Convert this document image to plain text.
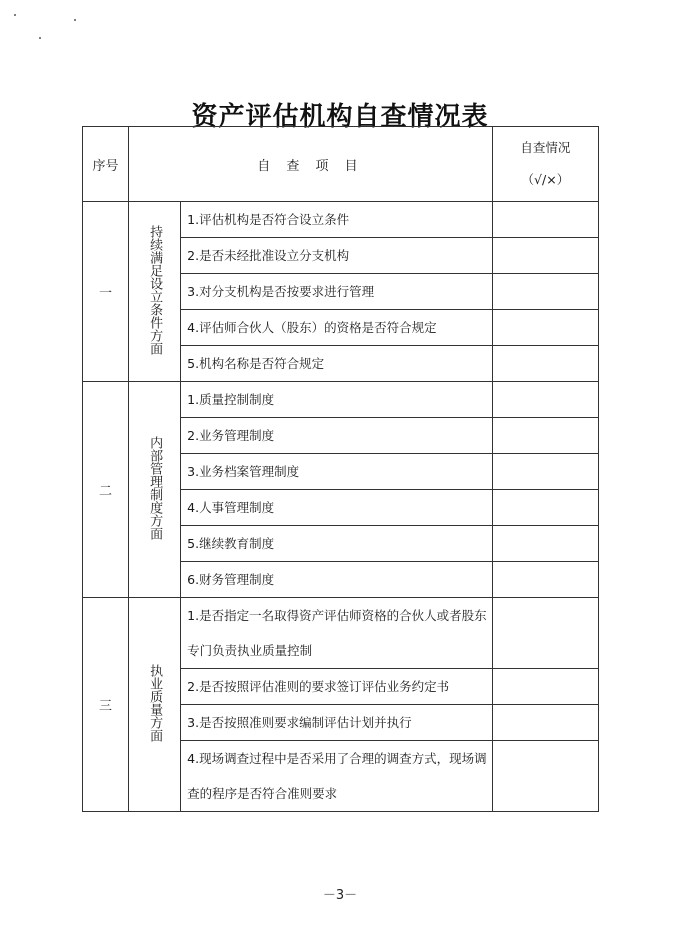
资产评估机构自查情况表
序号	自 查 项 目		自查情况
（√/×）

一	持续满足设立条件方面	1.评估机构是否符合设立条件	

		2.是否未经批准设立分支机构	

		3.对分支机构是否按要求进行管理	

		4.评估师合伙人（股东）的资格是否符合规定	

		5.机构名称是否符合规定	

二	内部管理制度方面	1.质量控制制度	

		2.业务管理制度	

		3.业务档案管理制度	

		4.人事管理制度	

		5.继续教育制度	

		6.财务管理制度	

三	执业质量方面	1.是否指定一名取得资产评估师资格的合伙人或者股东专门负责执业质量控制	

		2.是否按照评估准则的要求签订评估业务约定书	

		3.是否按照准则要求编制评估计划并执行	

		4.现场调查过程中是否采用了合理的调查方式，现场调查的程序是否符合准则要求	

－3－
